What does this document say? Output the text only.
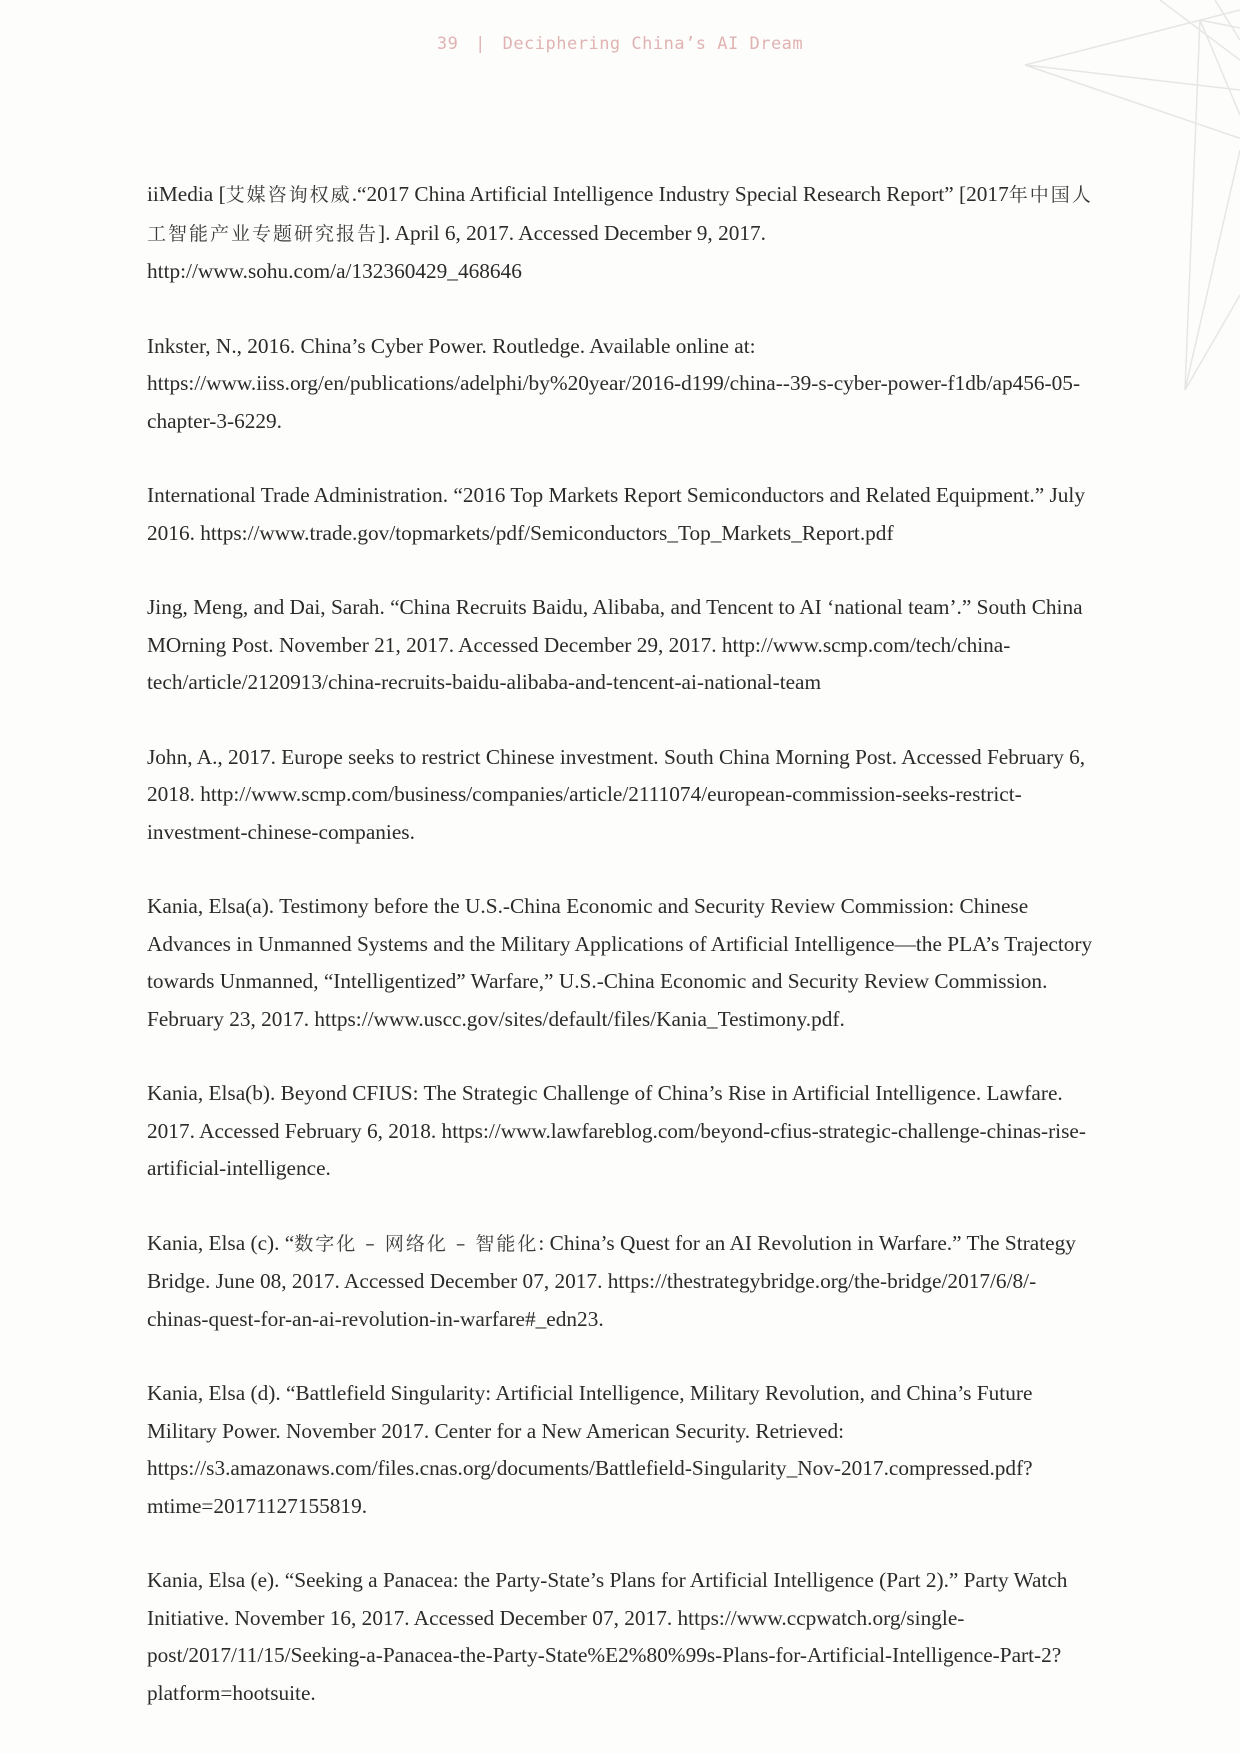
39 | Deciphering China’s AI Dream

iiMedia [艾媒咨询权威.“2017 China Artificial Intelligence Industry Special Research Report” [2017年中国人工智能产业专题研究报告]. April 6, 2017. Accessed December 9, 2017. http://www.sohu.com/a/132360429_468646

Inkster, N., 2016. China’s Cyber Power. Routledge. Available online at: https://www.iiss.org/en/publications/adelphi/by%20year/2016-d199/china--39-s-cyber-power-f1db/ap456-05-chapter-3-6229.

International Trade Administration. “2016 Top Markets Report Semiconductors and Related Equipment.” July 2016. https://www.trade.gov/topmarkets/pdf/Semiconductors_Top_Markets_Report.pdf

Jing, Meng, and Dai, Sarah. “China Recruits Baidu, Alibaba, and Tencent to AI ‘national team’.” South China MOrning Post. November 21, 2017. Accessed December 29, 2017. http://www.scmp.com/tech/china-tech/article/2120913/china-recruits-baidu-alibaba-and-tencent-ai-national-team

John, A., 2017. Europe seeks to restrict Chinese investment. South China Morning Post. Accessed February 6, 2018. http://www.scmp.com/business/companies/article/2111074/european-commission-seeks-restrict-investment-chinese-companies.

Kania, Elsa(a). Testimony before the U.S.-China Economic and Security Review Commission: Chinese Advances in Unmanned Systems and the Military Applications of Artificial Intelligence—the PLA’s Trajectory towards Unmanned, “Intelligentized” Warfare,” U.S.-China Economic and Security Review Commission. February 23, 2017. https://www.uscc.gov/sites/default/files/Kania_Testimony.pdf.

Kania, Elsa(b). Beyond CFIUS: The Strategic Challenge of China’s Rise in Artificial Intelligence. Lawfare. 2017. Accessed February 6, 2018. https://www.lawfareblog.com/beyond-cfius-strategic-challenge-chinas-rise-artificial-intelligence.

Kania, Elsa (c). “数字化 – 网络化 – 智能化: China’s Quest for an AI Revolution in Warfare.” The Strategy Bridge. June 08, 2017. Accessed December 07, 2017. https://thestrategybridge.org/the-bridge/2017/6/8/-chinas-quest-for-an-ai-revolution-in-warfare#_edn23.

Kania, Elsa (d). “Battlefield Singularity: Artificial Intelligence, Military Revolution, and China’s Future Military Power. November 2017. Center for a New American Security. Retrieved: https://s3.amazonaws.com/files.cnas.org/documents/Battlefield-Singularity_Nov-2017.compressed.pdf?mtime=20171127155819.

Kania, Elsa (e). “Seeking a Panacea: the Party-State’s Plans for Artificial Intelligence (Part 2).” Party Watch Initiative. November 16, 2017. Accessed December 07, 2017. https://www.ccpwatch.org/single-post/2017/11/15/Seeking-a-Panacea-the-Party-State%E2%80%99s-Plans-for-Artificial-Intelligence-Part-2?platform=hootsuite.
